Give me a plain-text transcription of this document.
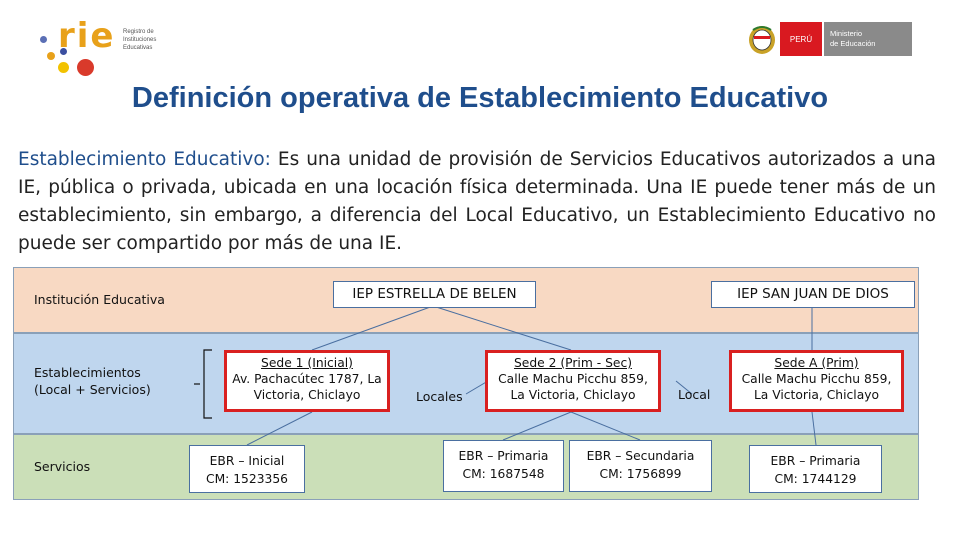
rie Registro de
Instituciones
Educativas
PERÚ
Ministerio
de Educación
Definición operativa de Establecimiento Educativo
Establecimiento Educativo: Es una unidad de provisión de Servicios Educativos autorizados a una IE, pública o privada, ubicada en una locación física determinada. Una IE puede tener más de un establecimiento, sin embargo, a diferencia del Local Educativo, un Establecimiento Educativo no puede ser compartido por más de una IE.
Institución Educativa
Establecimientos
(Local + Servicios)
Servicios
IEP ESTRELLA DE BELEN	IEP SAN JUAN DE DIOS
Sede 1 (Inicial)
Av. Pachacútec 1787, La
Victoria, Chiclayo
Sede 2 (Prim - Sec)
Calle Machu Picchu 859,
La Victoria, Chiclayo
Sede A (Prim)
Calle Machu Picchu 859,
La Victoria, Chiclayo
Locales	Local
EBR – Inicial
CM: 1523356
EBR – Primaria
CM: 1687548
EBR – Secundaria
CM: 1756899
EBR – Primaria
CM: 1744129
